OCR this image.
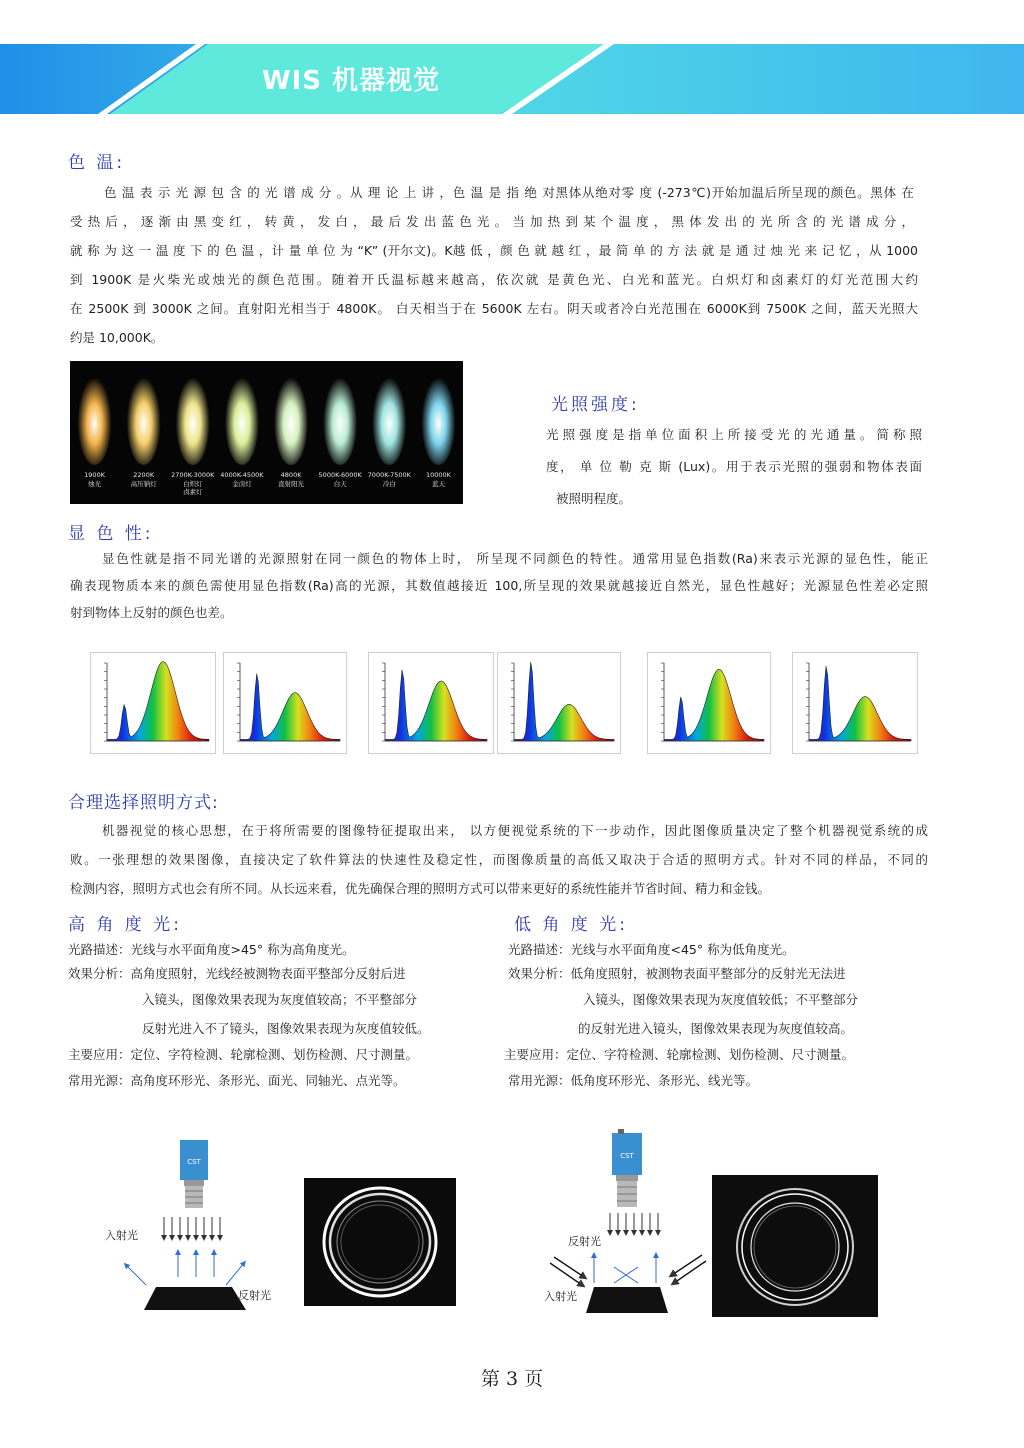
WIS 机器视觉
色 温:
色 温 表 示 光 源 包 含 的 光 谱 成 分 。从 理 论 上 讲 ，色 温 是 指 绝 对黑体从绝对零 度 (-273℃)开始加温后所呈现的颜色。黑体 在
受 热 后 ， 逐 渐 由 黑 变 红 ， 转 黄 ， 发 白 ， 最 后 发 出 蓝 色 光 。 当 加 热 到 某 个 温 度 ， 黑 体 发 出 的 光 所 含 的 光 谱 成 分 ，
就 称 为 这 一 温 度 下 的 色 温 ，计 量 单 位 为 “K” (开尔文)。K越 低 ，颜 色 就 越 红 ，最 简 单 的 方 法 就 是 通 过 烛 光 来 记 忆 ，从 1000
到 1900K 是火柴光或烛光的颜色范围。随着开氏温标越来越高，依次就 是黄色光、白光和蓝光。白炽灯和卤素灯的灯光范围大约
在 2500K 到 3000K 之间。直射阳光相当于 4800K。 白天相当于在 5600K 左右。阴天或者冷白光范围在 6000K到 7500K 之间，蓝天光照大
约是 10,000K。
1900K
烛光
2200K
高压钠灯
2700K-3000K
白炽灯
卤素灯
4000K-4500K
金卤灯
4800K
直射阳光
5000K-6000K
白天
7000K-7500K
冷白
10000K
蓝天
光照强度:
光照强度是指单位面积上所接受光的光通量。简称照
度， 单 位 勒 克 斯 (Lux)。用于表示光照的强弱和物体表面
被照明程度。
显 色 性:
显色性就是指不同光谱的光源照射在同一颜色的物体上时， 所呈现不同颜色的特性。通常用显色指数(Ra)来表示光源的显色性，能正
确表现物质本来的颜色需使用显色指数(Ra)高的光源，其数值越接近 100,所呈现的效果就越接近自然光，显色性越好；光源显色性差必定照
射到物体上反射的颜色也差。
合理选择照明方式:
机器视觉的核心思想，在于将所需要的图像特征提取出来， 以方便视觉系统的下一步动作，因此图像质量决定了整个机器视觉系统的成
败。一张理想的效果图像，直接决定了软件算法的快速性及稳定性，而图像质量的高低又取决于合适的照明方式。针对不同的样品，不同的
检测内容，照明方式也会有所不同。从长远来看，优先确保合理的照明方式可以带来更好的系统性能并节省时间、精力和金钱。
高 角 度 光:
光路描述：光线与水平面角度>45° 称为高角度光。
效果分析：高角度照射，光线经被测物表面平整部分反射后进
入镜头，图像效果表现为灰度值较高；不平整部分
反射光进入不了镜头，图像效果表现为灰度值较低。
主要应用：定位、字符检测、轮廓检测、划伤检测、尺寸测量。
常用光源：高角度环形光、条形光、面光、同轴光、点光等。
低 角 度 光:
光路描述：光线与水平面角度<45° 称为低角度光。
效果分析：低角度照射，被测物表面平整部分的反射光无法进
入镜头，图像效果表现为灰度值较低；不平整部分
的反射光进入镜头，图像效果表现为灰度值较高。
主要应用：定位、字符检测、轮廓检测、划伤检测、尺寸测量。
常用光源：低角度环形光、条形光、线光等。
CST
入射光
反射光
CST
反射光
入射光
第 3 页
